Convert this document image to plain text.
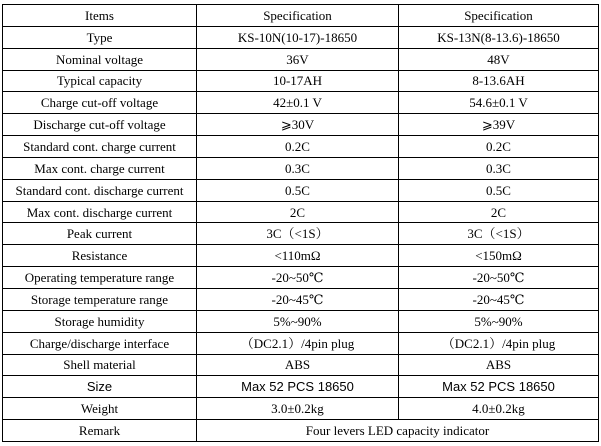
Items	Specification	Specification
Type	KS-10N(10-17)-18650	KS-13N(8-13.6)-18650
Nominal voltage	36V	48V
Typical capacity	10-17AH	8-13.6AH
Charge cut-off voltage	42±0.1 V	54.6±0.1 V
Discharge cut-off voltage	⩾30V	⩾39V
Standard cont. charge current	0.2C	0.2C
Max cont. charge current	0.3C	0.3C
Standard cont. discharge current	0.5C	0.5C
Max cont. discharge current	2C	2C
Peak current	3C（<1S）	3C（<1S）
Resistance	<110mΩ	<150mΩ
Operating temperature range	-20~50℃	-20~50℃
Storage temperature range	-20~45℃	-20~45℃
Storage humidity	5%~90%	5%~90%
Charge/discharge interface	（DC2.1）/4pin plug	（DC2.1）/4pin plug
Shell material	ABS	ABS
Size	Max 52 PCS 18650	Max 52 PCS 18650
Weight	3.0±0.2kg	4.0±0.2kg
Remark	Four levers LED capacity indicator	
